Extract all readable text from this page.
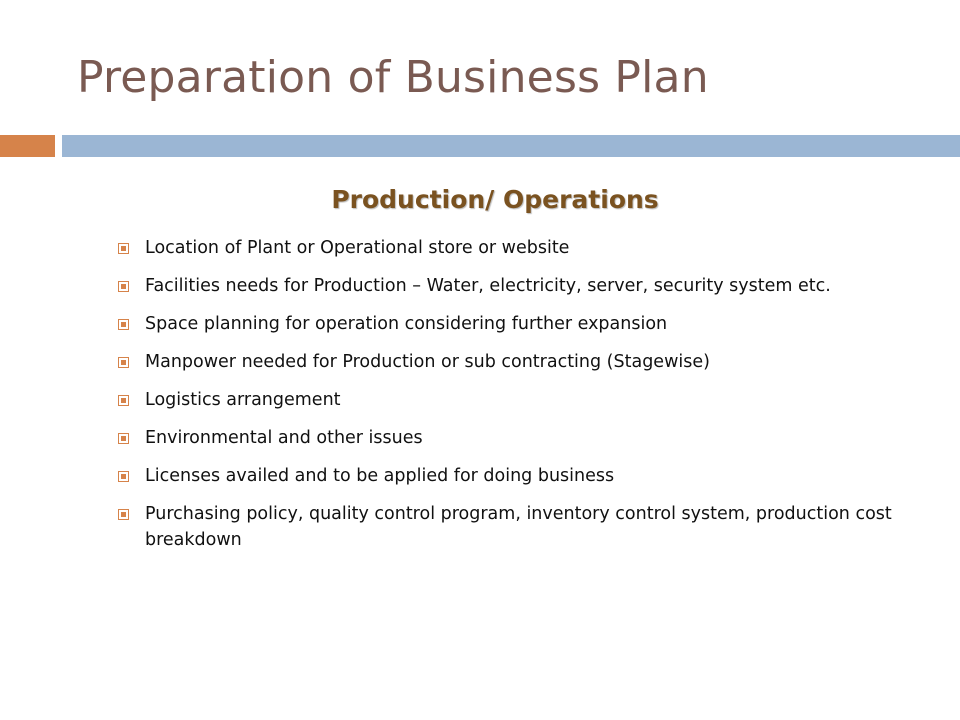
Preparation of Business Plan
Production/ Operations
Location of Plant or Operational store or website
Facilities needs for Production – Water, electricity, server, security system etc.
Space planning for operation considering further expansion
Manpower needed for Production or sub contracting (Stagewise)
Logistics arrangement
Environmental and other issues
Licenses availed and to be applied for doing business
Purchasing policy, quality control program, inventory control system, production cost breakdown
